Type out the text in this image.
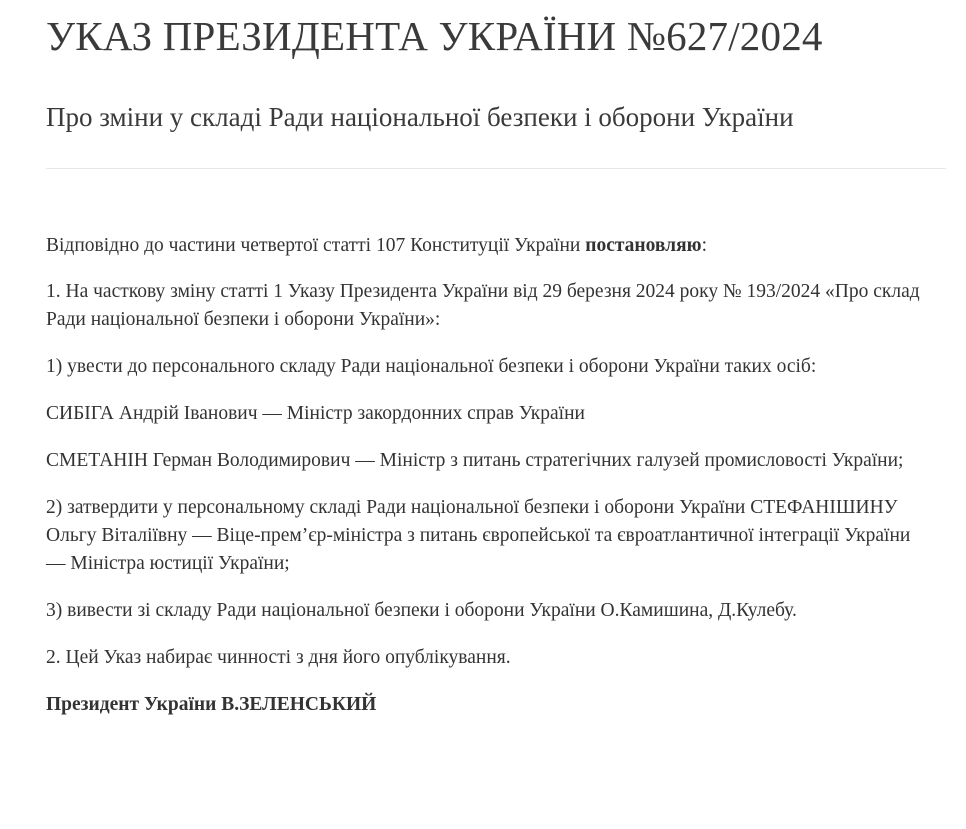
УКАЗ ПРЕЗИДЕНТА УКРАЇНИ №627/2024
Про зміни у складі Ради національної безпеки і оборони України

Відповідно до частини четвертої статті 107 Конституції України постановляю:

1. На часткову зміну статті 1 Указу Президента України від 29 березня 2024 року № 193/2024 «Про склад Ради національної безпеки і оборони України»:

1) увести до персонального складу Ради національної безпеки і оборони України таких осіб:

СИБІГА Андрій Іванович — Міністр закордонних справ України

СМЕТАНІН Герман Володимирович — Міністр з питань стратегічних галузей промисловості України;

2) затвердити у персональному складі Ради національної безпеки і оборони України СТЕФАНІШИНУ Ольгу Віталіївну — Віце-прем’єр-міністра з питань європейської та євроатлантичної інтеграції України — Міністра юстиції України;

3) вивести зі складу Ради національної безпеки і оборони України О.Камишина, Д.Кулебу.

2. Цей Указ набирає чинності з дня його опублікування.

Президент України В.ЗЕЛЕНСЬКИЙ
